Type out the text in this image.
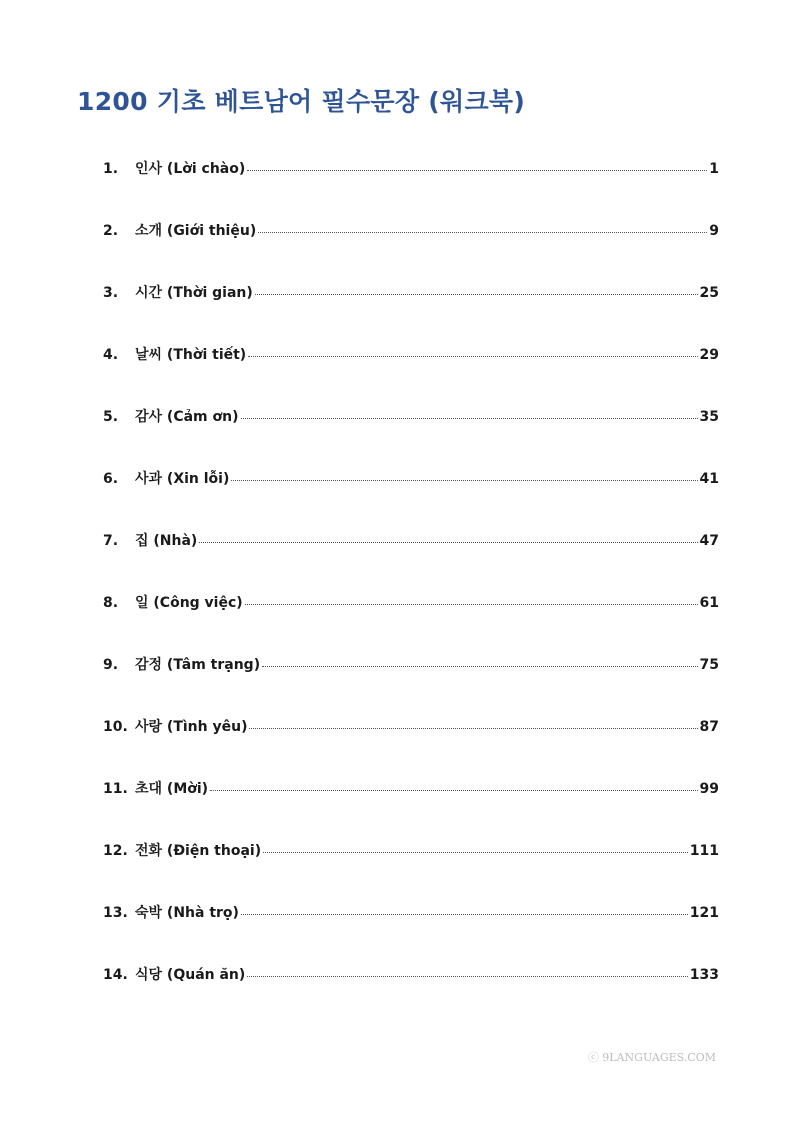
1200 기초 베트남어 필수문장 (워크북)
1.	인사 (Lời chào)	1
2.	소개 (Giới thiệu)	9
3.	시간 (Thời gian)	25
4.	날씨 (Thời tiết)	29
5.	감사 (Cảm ơn)	35
6.	사과 (Xin lỗi)	41
7.	집 (Nhà)	47
8.	일 (Công việc)	61
9.	감정 (Tâm trạng)	75
10. 사랑 (Tình yêu)	87
11. 초대 (Mời)	99
12. 전화 (Điện thoại)	111
13. 숙박 (Nhà trọ)	121
14. 식당 (Quán ăn)	133
ⓒ 9LANGUAGES.COM
